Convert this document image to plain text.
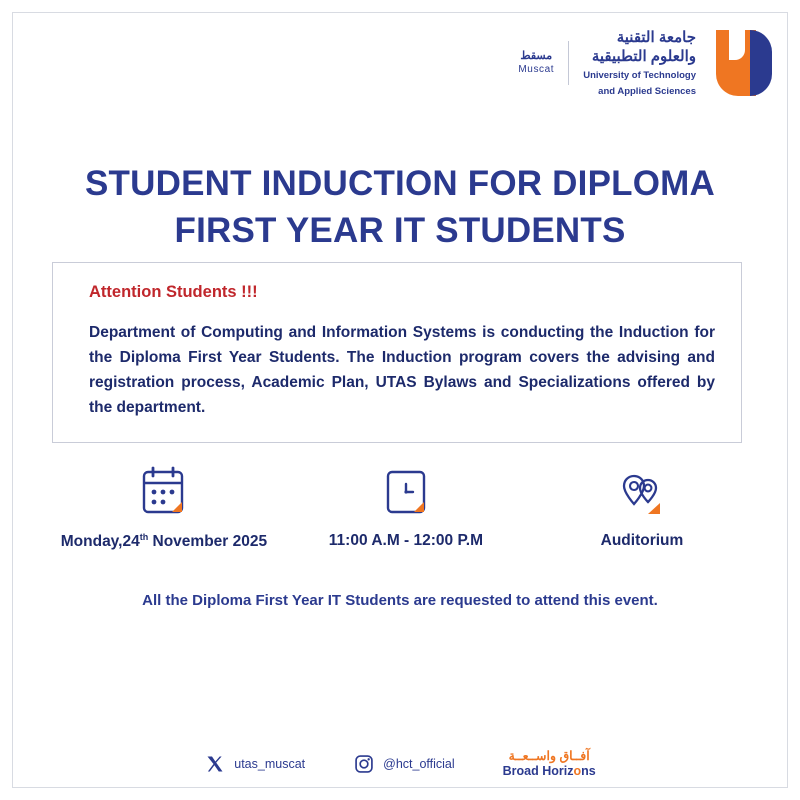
مسقط
Muscat
جامعة التقنية
والعلوم التطبيقية
University of Technology
and Applied Sciences
STUDENT INDUCTION FOR DIPLOMA
FIRST YEAR IT STUDENTS
Attention Students !!!
Department of Computing and Information Systems is conducting the Induction for the Diploma First Year Students. The Induction program covers the advising and registration process, Academic Plan, UTAS Bylaws and Specializations offered by the department.
Monday,24th November 2025	11:00 A.M - 12:00 P.M	Auditorium
All the Diploma First Year IT Students are requested to attend this event.
utas_muscat	@hct_official
آفــاق واســعــة
Broad Horizons
